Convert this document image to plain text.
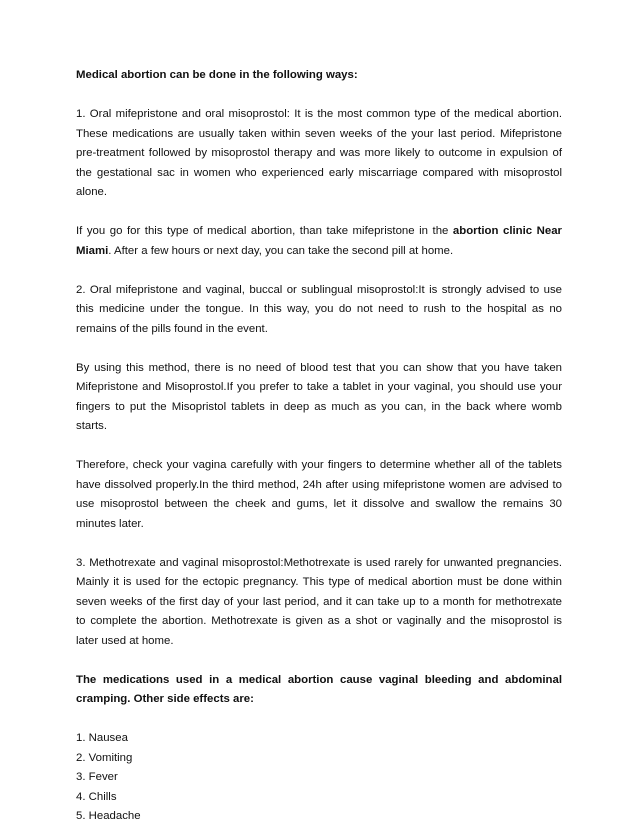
Medical abortion can be done in the following ways:

1. Oral mifepristone and oral misoprostol: It is the most common type of the medical abortion. These medications are usually taken within seven weeks of the your last period. Mifepristone pre-treatment followed by misoprostol therapy and was more likely to outcome in expulsion of the gestational sac in women who experienced early miscarriage compared with misoprostol alone.

If you go for this type of medical abortion, than take mifepristone in the abortion clinic Near Miami. After a few hours or next day, you can take the second pill at home.

2. Oral mifepristone and vaginal, buccal or sublingual misoprostol:It is strongly advised to use this medicine under the tongue. In this way, you do not need to rush to the hospital as no remains of the pills found in the event.

By using this method, there is no need of blood test that you can show that you have taken Mifepristone and Misoprostol.If you prefer to take a tablet in your vaginal, you should use your fingers to put the Misopristol tablets in deep as much as you can, in the back where womb starts.

Therefore, check your vagina carefully with your fingers to determine whether all of the tablets have dissolved properly.In the third method, 24h after using mifepristone women are advised to use misoprostol between the cheek and gums, let it dissolve and swallow the remains 30 minutes later.

3. Methotrexate and vaginal misoprostol:Methotrexate is used rarely for unwanted pregnancies. Mainly it is used for the ectopic pregnancy. This type of medical abortion must be done within seven weeks of the first day of your last period, and it can take up to a month for methotrexate to complete the abortion. Methotrexate is given as a shot or vaginally and the misoprostol is later used at home.

The medications used in a medical abortion cause vaginal bleeding and abdominal cramping. Other side effects are:

1. Nausea
2. Vomiting
3. Fever
4. Chills
5. Headache
